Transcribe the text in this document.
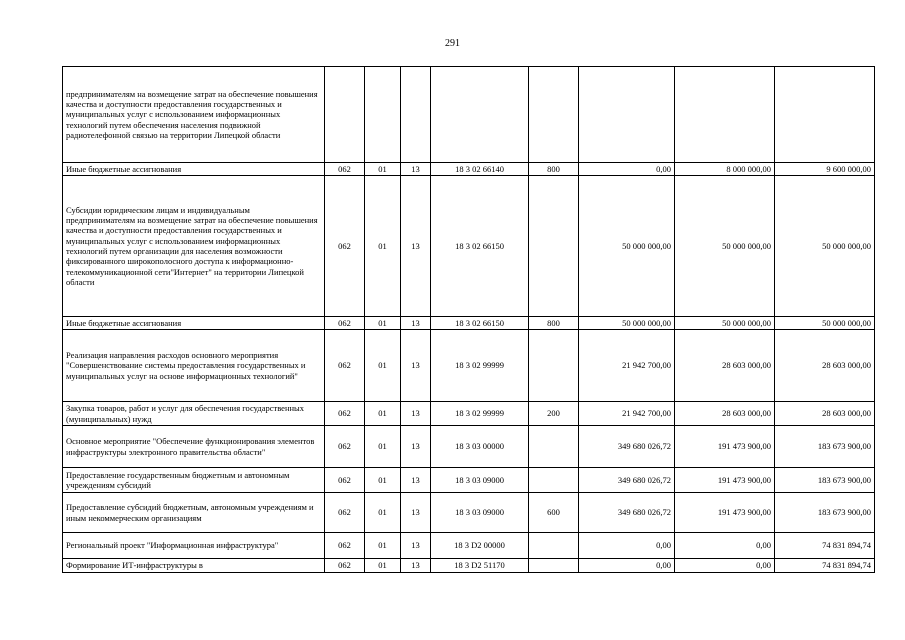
291
предпринимателям на возмещение затрат на обеспечение повышения качества и доступности предоставления государственных и муниципальных услуг с использованием информационных технологий путем обеспечения населения подвижной радиотелефонной связью на территории Липецкой области								
Иные бюджетные ассигнования	062	01	13	18 3 02 66140	800	0,00	8 000 000,00	9 600 000,00
Субсидии юридическим лицам и индивидуальным предпринимателям на возмещение затрат на обеспечение повышения качества и доступности предоставления государственных и муниципальных услуг с использованием информационных технологий путем организации для населения возможности фиксированного широкополосного доступа к информационно-телекоммуникационной сети"Интернет" на территории Липецкой области	062	01	13	18 3 02 66150		50 000 000,00	50 000 000,00	50 000 000,00
Иные бюджетные ассигнования	062	01	13	18 3 02 66150	800	50 000 000,00	50 000 000,00	50 000 000,00
Реализация направления расходов основного мероприятия "Совершенствование системы предоставления государственных и муниципальных услуг на основе информационных технологий"	062	01	13	18 3 02 99999		21 942 700,00	28 603 000,00	28 603 000,00
Закупка товаров, работ и услуг для обеспечения государственных (муниципальных) нужд	062	01	13	18 3 02 99999	200	21 942 700,00	28 603 000,00	28 603 000,00
Основное мероприятие "Обеспечение функционирования элементов инфраструктуры электронного правительства области"	062	01	13	18 3 03 00000		349 680 026,72	191 473 900,00	183 673 900,00
Предоставление государственным бюджетным и автономным учреждениям субсидий	062	01	13	18 3 03 09000		349 680 026,72	191 473 900,00	183 673 900,00
Предоставление субсидий бюджетным, автономным учреждениям и иным некоммерческим организациям	062	01	13	18 3 03 09000	600	349 680 026,72	191 473 900,00	183 673 900,00
Региональный проект "Информационная инфраструктура"	062	01	13	18 3 D2 00000		0,00	0,00	74 831 894,74
Формирование ИТ-инфраструктуры в	062	01	13	18 3 D2 51170		0,00	0,00	74 831 894,74
